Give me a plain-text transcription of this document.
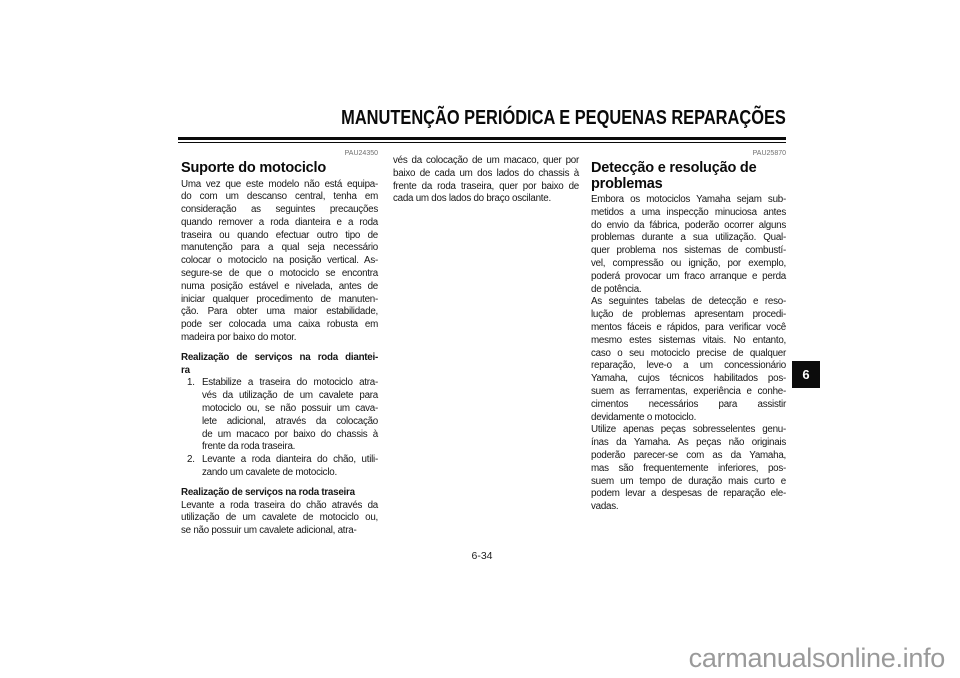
MANUTENÇÃO PERIÓDICA E PEQUENAS REPARAÇÕES
PAU24350
Suporte do motociclo
Uma vez que este modelo não está equipa-
do com um descanso central, tenha em
consideração as seguintes precauções
quando remover a roda dianteira e a roda
traseira ou quando efectuar outro tipo de
manutenção para a qual seja necessário
colocar o motociclo na posição vertical. As-
segure-se de que o motociclo se encontra
numa posição estável e nivelada, antes de
iniciar qualquer procedimento de manuten-
ção. Para obter uma maior estabilidade,
pode ser colocada uma caixa robusta em
madeira por baixo do motor.
Realização de serviços na roda diantei-
ra
1. Estabilize a traseira do motociclo atra-
vés da utilização de um cavalete para
motociclo ou, se não possuir um cava-
lete adicional, através da colocação
de um macaco por baixo do chassis à
frente da roda traseira.
2. Levante a roda dianteira do chão, utili-
zando um cavalete de motociclo.
Realização de serviços na roda traseira
Levante a roda traseira do chão através da
utilização de um cavalete de motociclo ou,
se não possuir um cavalete adicional, atra-
vés da colocação de um macaco, quer por
baixo de cada um dos lados do chassis à
frente da roda traseira, quer por baixo de
cada um dos lados do braço oscilante.
PAU25870
Detecção e resolução de
problemas
Embora os motociclos Yamaha sejam sub-
metidos a uma inspecção minuciosa antes
do envio da fábrica, poderão ocorrer alguns
problemas durante a sua utilização. Qual-
quer problema nos sistemas de combustí-
vel, compressão ou ignição, por exemplo,
poderá provocar um fraco arranque e perda
de potência.
As seguintes tabelas de detecção e reso-
lução de problemas apresentam procedi-
mentos fáceis e rápidos, para verificar você
mesmo estes sistemas vitais. No entanto,
caso o seu motociclo precise de qualquer
reparação, leve-o a um concessionário
Yamaha, cujos técnicos habilitados pos-
suem as ferramentas, experiência e conhe-
cimentos necessários para assistir
devidamente o motociclo.
Utilize apenas peças sobresselentes genu-
ínas da Yamaha. As peças não originais
poderão parecer-se com as da Yamaha,
mas são frequentemente inferiores, pos-
suem um tempo de duração mais curto e
podem levar a despesas de reparação ele-
vadas.
6
6-34
carmanualsonline.info
